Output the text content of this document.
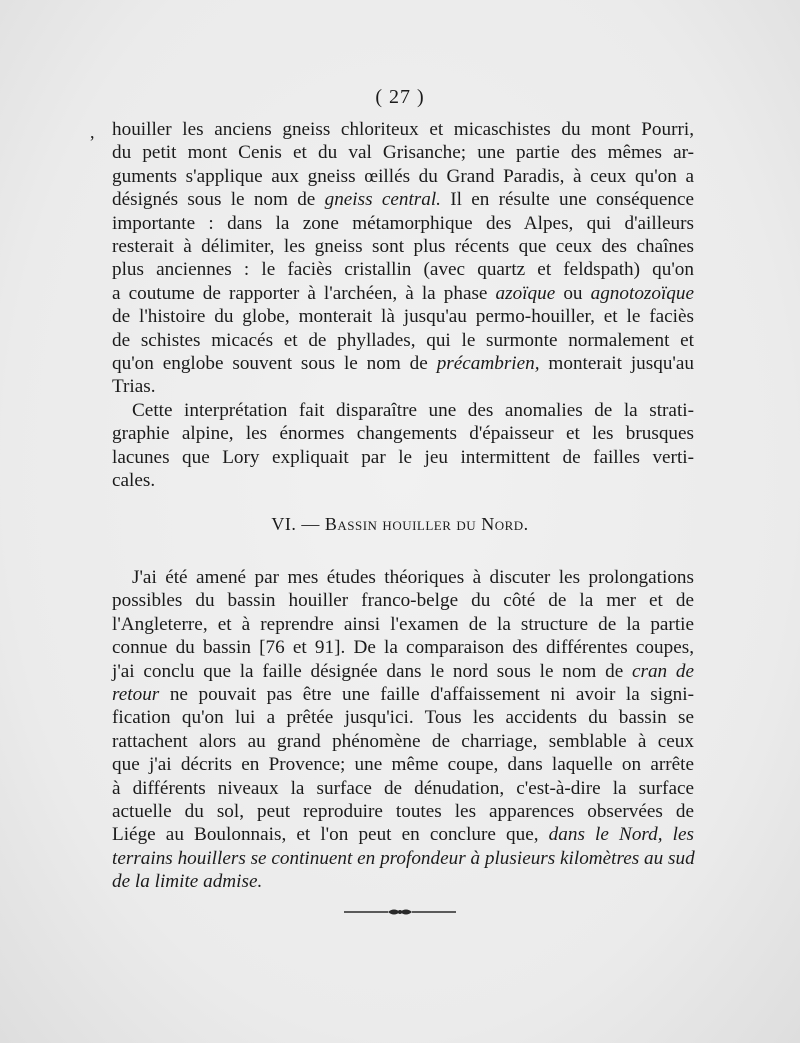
,
( 27 )
houiller les anciens gneiss chloriteux et micaschistes du mont Pourri,
du petit mont Cenis et du val Grisanche; une partie des mêmes ar-
guments s'applique aux gneiss œillés du Grand Paradis, à ceux qu'on a
désignés sous le nom de gneiss central. Il en résulte une conséquence
importante : dans la zone métamorphique des Alpes, qui d'ailleurs
resterait à délimiter, les gneiss sont plus récents que ceux des chaînes
plus anciennes : le faciès cristallin (avec quartz et feldspath) qu'on
a coutume de rapporter à l'archéen, à la phase azoïque ou agnotozoïque
de l'histoire du globe, monterait là jusqu'au permo-houiller, et le faciès
de schistes micacés et de phyllades, qui le surmonte normalement et
qu'on englobe souvent sous le nom de précambrien, monterait jusqu'au
Trias.
Cette interprétation fait disparaître une des anomalies de la strati-
graphie alpine, les énormes changements d'épaisseur et les brusques
lacunes que Lory expliquait par le jeu intermittent de failles verti-
cales.
VI. — Bassin houiller du Nord.
J'ai été amené par mes études théoriques à discuter les prolongations
possibles du bassin houiller franco-belge du côté de la mer et de
l'Angleterre, et à reprendre ainsi l'examen de la structure de la partie
connue du bassin [76 et 91]. De la comparaison des différentes coupes,
j'ai conclu que la faille désignée dans le nord sous le nom de cran de
retour ne pouvait pas être une faille d'affaissement ni avoir la signi-
fication qu'on lui a prêtée jusqu'ici. Tous les accidents du bassin se
rattachent alors au grand phénomène de charriage, semblable à ceux
que j'ai décrits en Provence; une même coupe, dans laquelle on arrête
à différents niveaux la surface de dénudation, c'est-à-dire la surface
actuelle du sol, peut reproduire toutes les apparences observées de
Liége au Boulonnais, et l'on peut en conclure que, dans le Nord, les
terrains houillers se continuent en profondeur à plusieurs kilomètres au sud
de la limite admise.
